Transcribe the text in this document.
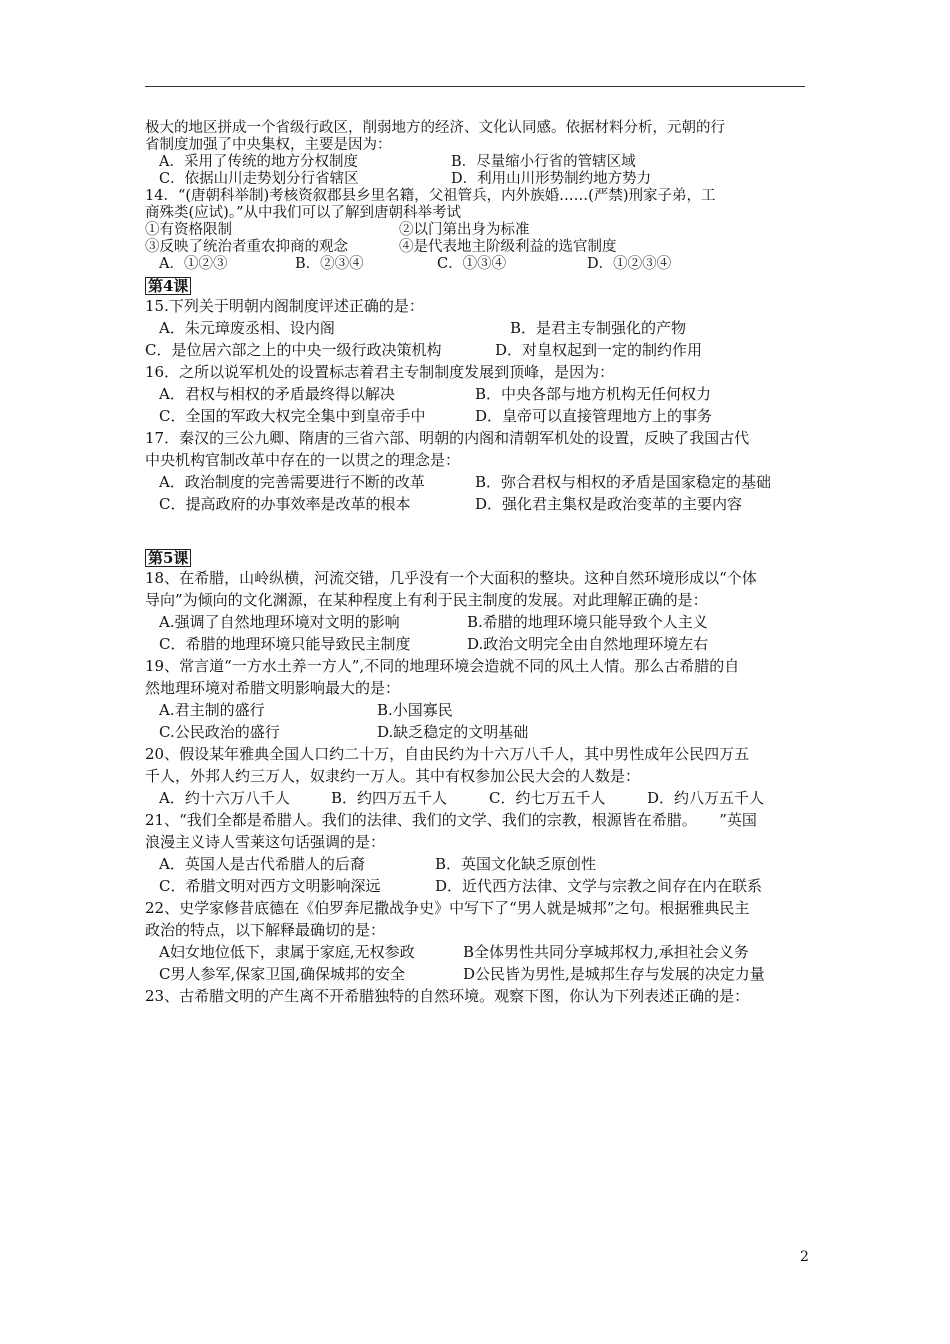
极大的地区拼成一个省级行政区，削弱地方的经济、文化认同感。依据材料分析，元朝的行
省制度加强了中央集权，主要是因为：
A．采用了传统的地方分权制度	B．尽量缩小行省的管辖区域
C．依据山川走势划分行省辖区	D．利用山川形势制约地方势力
14．“(唐朝科举制)考核资叙郡县乡里名籍，父祖管兵，内外族婚……(严禁)刑家子弟，工
商殊类(应试)。”从中我们可以了解到唐朝科举考试
①有资格限制	②以门第出身为标准
③反映了统治者重农抑商的观念	④是代表地主阶级利益的选官制度
A．①②③	B．②③④	C．①③④	D．①②③④
第4课
15.下列关于明朝内阁制度评述正确的是：
A．朱元璋废丞相、设内阁	B．是君主专制强化的产物
C．是位居六部之上的中央一级行政决策机构	D．对皇权起到一定的制约作用
16．之所以说军机处的设置标志着君主专制制度发展到顶峰，是因为：
A．君权与相权的矛盾最终得以解决	B．中央各部与地方机构无任何权力
C．全国的军政大权完全集中到皇帝手中	D．皇帝可以直接管理地方上的事务
17．秦汉的三公九卿、隋唐的三省六部、明朝的内阁和清朝军机处的设置，反映了我国古代
中央机构官制改革中存在的一以贯之的理念是：
A．政治制度的完善需要进行不断的改革	B．弥合君权与相权的矛盾是国家稳定的基础
C．提高政府的办事效率是改革的根本	D．强化君主集权是政治变革的主要内容
第5课
18、在希腊，山岭纵横，河流交错，几乎没有一个大面积的整块。这种自然环境形成以“个体
导向”为倾向的文化渊源，在某种程度上有利于民主制度的发展。对此理解正确的是：
A.强调了自然地理环境对文明的影响	B.希腊的地理环境只能导致个人主义
C．希腊的地理环境只能导致民主制度	D.政治文明完全由自然地理环境左右
19、常言道“一方水土养一方人”,不同的地理环境会造就不同的风土人情。那么古希腊的自
然地理环境对希腊文明影响最大的是：
A.君主制的盛行	B.小国寡民
C.公民政治的盛行	D.缺乏稳定的文明基础
20、假设某年雅典全国人口约二十万，自由民约为十六万八千人，其中男性成年公民四万五
千人，外邦人约三万人，奴隶约一万人。其中有权参加公民大会的人数是：
A．约十六万八千人	B．约四万五千人	C．约七万五千人	D．约八万五千人
21、“我们全都是希腊人。我们的法律、我们的文学、我们的宗教，根源皆在希腊。　　”英国
浪漫主义诗人雪莱这句话强调的是：
A．英国人是古代希腊人的后裔	B．英国文化缺乏原创性
C．希腊文明对西方文明影响深远	D．近代西方法律、文学与宗教之间存在内在联系
22、史学家修昔底德在《伯罗奔尼撒战争史》中写下了“男人就是城邦”之句。根据雅典民主
政治的特点，以下解释最确切的是：
A妇女地位低下，隶属于家庭,无权参政	B全体男性共同分享城邦权力,承担社会义务
C男人参军,保家卫国,确保城邦的安全	D公民皆为男性,是城邦生存与发展的决定力量
23、古希腊文明的产生离不开希腊独特的自然环境。观察下图，你认为下列表述正确的是：
2
